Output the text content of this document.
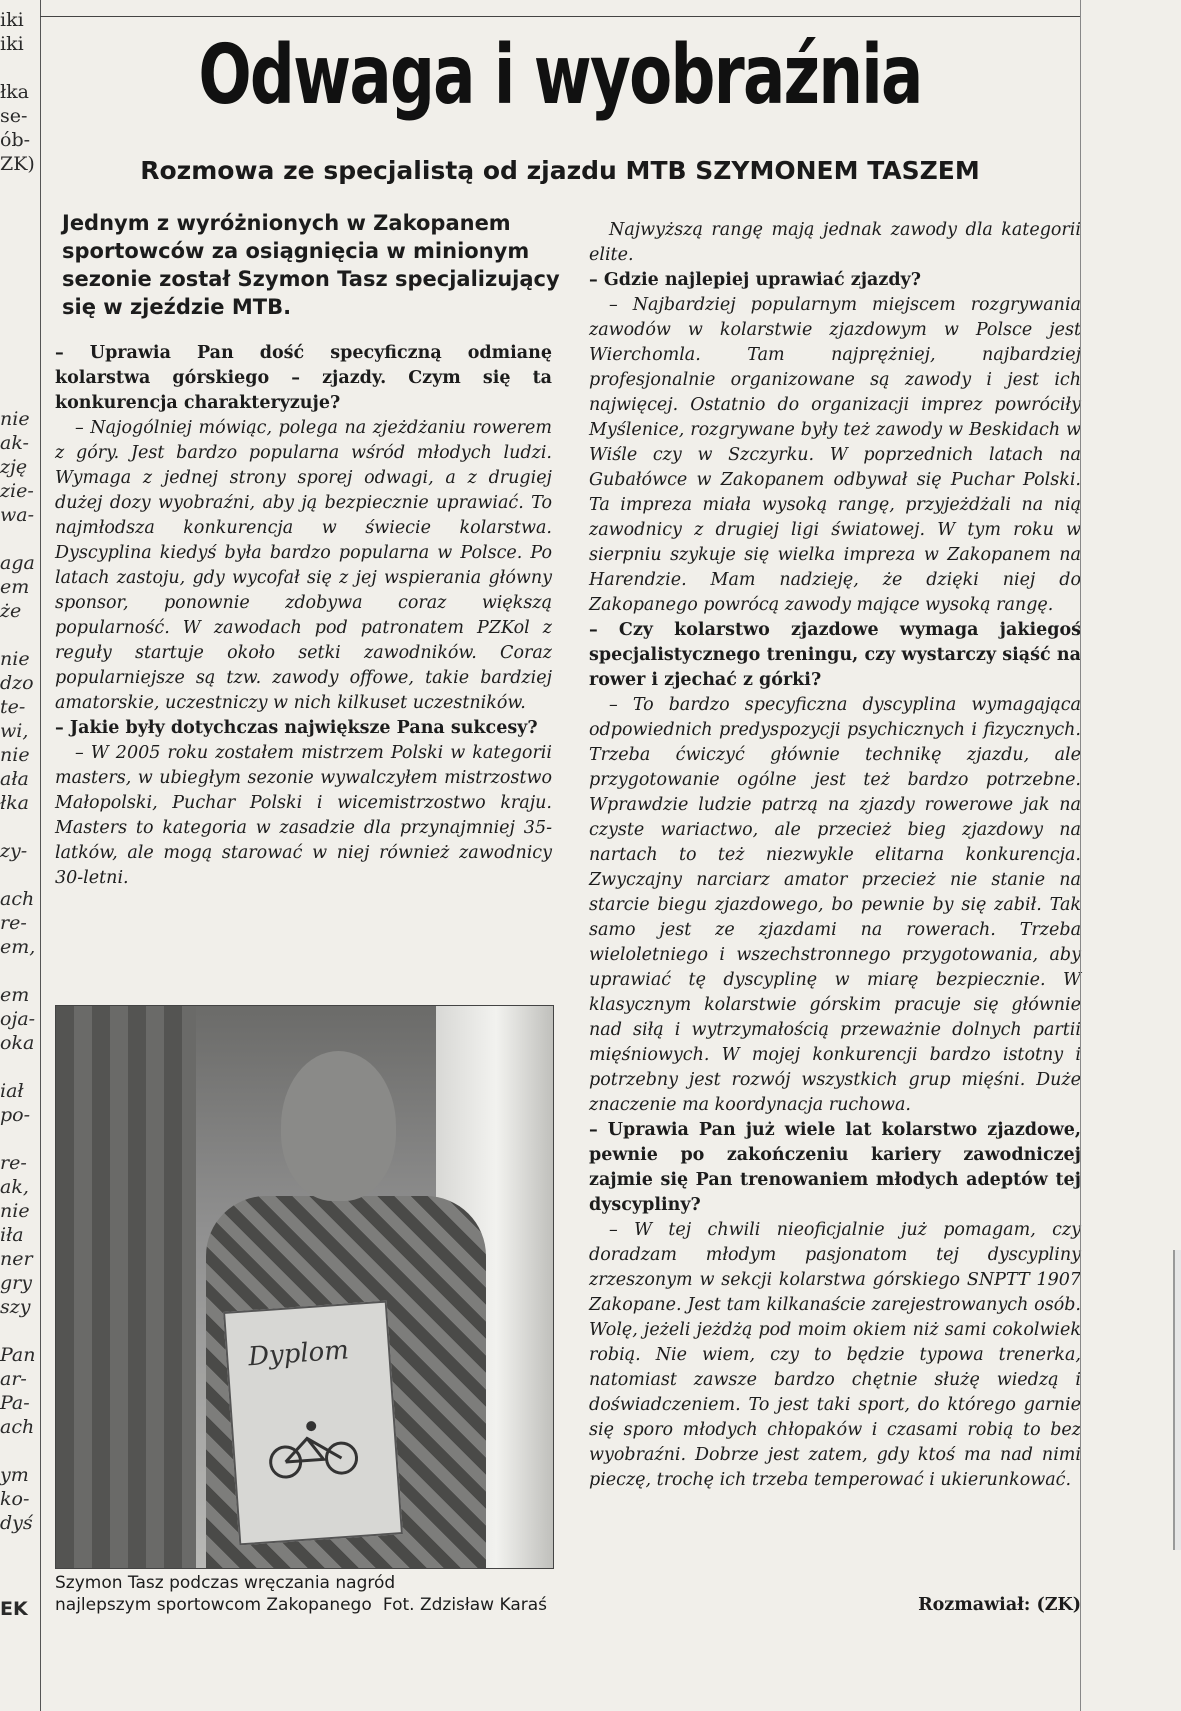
iki
iki
łka
se-
ób-
ZK)
nie
ak-
zję
zie-
wa-
aga
em
że
nie
dzo
te-
wi,
nie
ała
łka
zy-
ach
re-
em,
em
oja-
oka
iał
po-
re-
ak,
nie
iła
ner
gry
szy
Pan
ar-
Pa-
ach
ym
ko-
dyś
EK
Odwaga i wyobraźnia
Rozmowa ze specjalistą od zjazdu MTB SZYMONEM TASZEM
Jednym z wyróżnionych w Zakopanem sportowców za osiągnięcia w minionym sezonie został Szymon Tasz specjalizujący się w zjeździe MTB.

– Uprawia Pan dość specyficzną odmianę kolarstwa górskiego – zjazdy. Czym się ta konkurencja charakteryzuje?

– Najogólniej mówiąc, polega na zjeżdżaniu rowerem z góry. Jest bardzo popularna wśród młodych ludzi. Wymaga z jednej strony sporej odwagi, a z drugiej dużej dozy wyobraźni, aby ją bezpiecznie uprawiać. To najmłodsza konkurencja w świecie kolarstwa. Dyscyplina kiedyś była bardzo popularna w Polsce. Po latach zastoju, gdy wycofał się z jej wspierania główny sponsor, ponownie zdobywa coraz większą popularność. W zawodach pod patronatem PZKol z reguły startuje około setki zawodników. Coraz popularniejsze są tzw. zawody offowe, takie bardziej amatorskie, uczestniczy w nich kilkuset uczestników.

– Jakie były dotychczas największe Pana sukcesy?

– W 2005 roku zostałem mistrzem Polski w kategorii masters, w ubiegłym sezonie wywalczyłem mistrzostwo Małopolski, Puchar Polski i wicemistrzostwo kraju. Masters to kategoria w zasadzie dla przynajmniej 35-latków, ale mogą starować w niej również zawodnicy 30-letni.

Najwyższą rangę mają jednak zawody dla kategorii elite.

– Gdzie najlepiej uprawiać zjazdy?

– Najbardziej popularnym miejscem rozgrywania zawodów w kolarstwie zjazdowym w Polsce jest Wierchomla. Tam najprężniej, najbardziej profesjonalnie organizowane są zawody i jest ich najwięcej. Ostatnio do organizacji imprez powróciły Myślenice, rozgrywane były też zawody w Beskidach w Wiśle czy w Szczyrku. W poprzednich latach na Gubałówce w Zakopanem odbywał się Puchar Polski. Ta impreza miała wysoką rangę, przyjeżdżali na nią zawodnicy z drugiej ligi światowej. W tym roku w sierpniu szykuje się wielka impreza w Zakopanem na Harendzie. Mam nadzieję, że dzięki niej do Zakopanego powrócą zawody mające wysoką rangę.

– Czy kolarstwo zjazdowe wymaga jakiegoś specjalistycznego treningu, czy wystarczy siąść na rower i zjechać z górki?

– To bardzo specyficzna dyscyplina wymagająca odpowiednich predyspozycji psychicznych i fizycznych. Trzeba ćwiczyć głównie technikę zjazdu, ale przygotowanie ogólne jest też bardzo potrzebne. Wprawdzie ludzie patrzą na zjazdy rowerowe jak na czyste wariactwo, ale przecież bieg zjazdowy na nartach to też niezwykle elitarna konkurencja. Zwyczajny narciarz amator przecież nie stanie na starcie biegu zjazdowego, bo pewnie by się zabił. Tak samo jest ze zjazdami na rowerach. Trzeba wieloletniego i wszechstronnego przygotowania, aby uprawiać tę dyscyplinę w miarę bezpiecznie. W klasycznym kolarstwie górskim pracuje się głównie nad siłą i wytrzymałością przeważnie dolnych partii mięśniowych. W mojej konkurencji bardzo istotny i potrzebny jest rozwój wszystkich grup mięśni. Duże znaczenie ma koordynacja ruchowa.

– Uprawia Pan już wiele lat kolarstwo zjazdowe, pewnie po zakończeniu kariery zawodniczej zajmie się Pan trenowaniem młodych adeptów tej dyscypliny?

– W tej chwili nieoficjalnie już pomagam, czy doradzam młodym pasjonatom tej dyscypliny zrzeszonym w sekcji kolarstwa górskiego SNPTT 1907 Zakopane. Jest tam kilkanaście zarejestrowanych osób. Wolę, jeżeli jeżdżą pod moim okiem niż sami cokolwiek robią. Nie wiem, czy to będzie typowa trenerka, natomiast zawsze bardzo chętnie służę wiedzą i doświadczeniem. To jest taki sport, do którego garnie się sporo młodych chłopaków i czasami robią to bez wyobraźni. Dobrze jest zatem, gdy ktoś ma nad nimi pieczę, trochę ich trzeba temperować i ukierunkować.

Dyplom
Szymon Tasz podczas wręczania nagród najlepszym sportowcom Zakopanego Fot. Zdzisław Karaś	Rozmawiał: (ZK)
